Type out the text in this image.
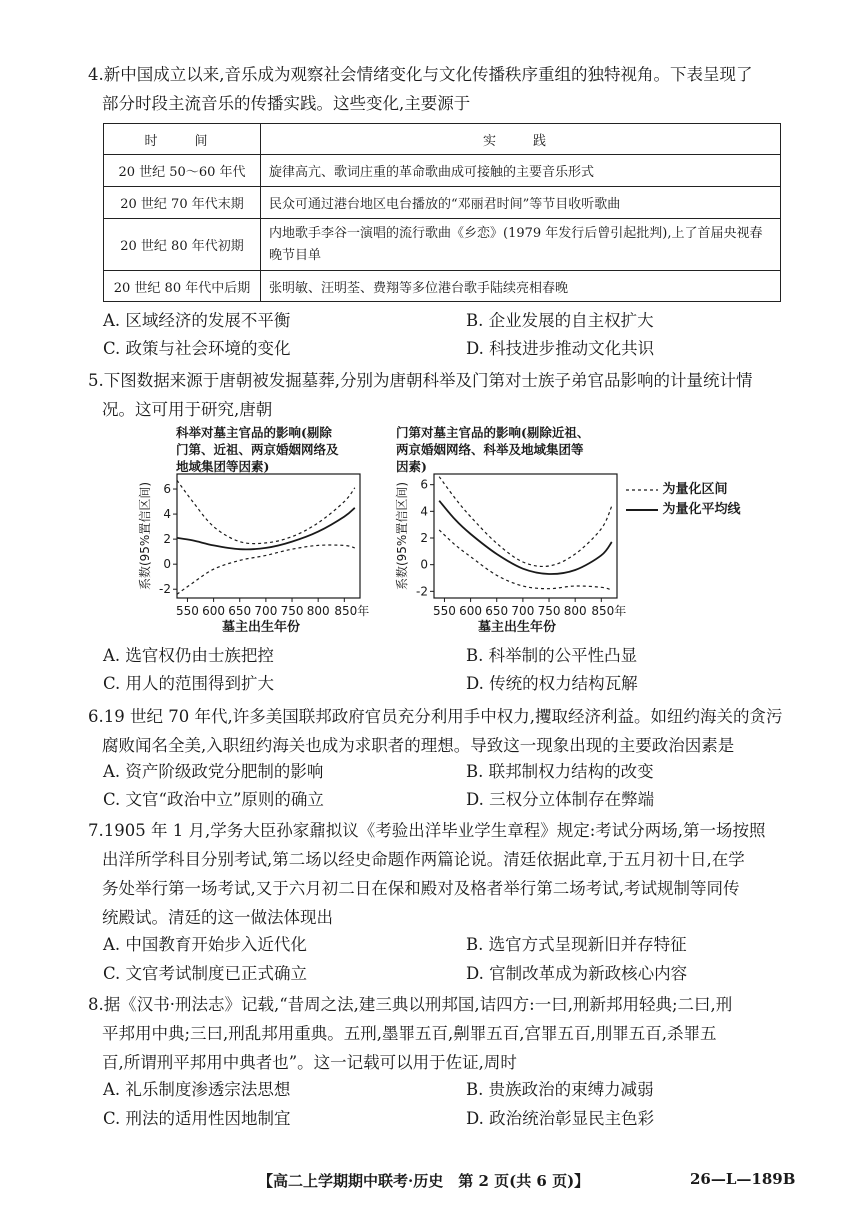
4.新中国成立以来,音乐成为观察社会情绪变化与文化传播秩序重组的独特视角。下表呈现了
部分时段主流音乐的传播实践。这些变化,主要源于
时　间	实　践
20 世纪 50～60 年代	旋律高亢、歌词庄重的革命歌曲成可接触的主要音乐形式
20 世纪 70 年代末期	民众可通过港台地区电台播放的“邓丽君时间”等节目收听歌曲
20 世纪 80 年代初期	内地歌手李谷一演唱的流行歌曲《乡恋》(1979 年发行后曾引起批判),上了首届央视春晚节目单
20 世纪 80 年代中后期	张明敏、汪明荃、费翔等多位港台歌手陆续亮相春晚
A. 区域经济的发展不平衡	B. 企业发展的自主权扩大
C. 政策与社会环境的变化	D. 科技进步推动文化共识
5.下图数据来源于唐朝被发掘墓葬,分别为唐朝科举及门第对士族子弟官品影响的计量统计情
况。这可用于研究,唐朝
科举对墓主官品的影响(剔除
门第、近祖、两京婚姻网络及
地域集团等因素)
-2
0
2
4
6
550 600 650 700 750 800 850年
系数(95%置信区间)
墓主出生年份
门第对墓主官品的影响(剔除近祖、
两京婚姻网络、科举及地域集团等
因素)
-2
0
2
4
6
550 600 650 700 750 800 850年
系数(95%置信区间)
墓主出生年份
为量化区间
为量化平均线
A. 选官权仍由士族把控	B. 科举制的公平性凸显
C. 用人的范围得到扩大	D. 传统的权力结构瓦解
6.19 世纪 70 年代,许多美国联邦政府官员充分利用手中权力,攫取经济利益。如纽约海关的贪污
腐败闻名全美,入职纽约海关也成为求职者的理想。导致这一现象出现的主要政治因素是
A. 资产阶级政党分肥制的影响	B. 联邦制权力结构的改变
C. 文官“政治中立”原则的确立	D. 三权分立体制存在弊端
7.1905 年 1 月,学务大臣孙家鼐拟议《考验出洋毕业学生章程》规定:考试分两场,第一场按照
出洋所学科目分别考试,第二场以经史命题作两篇论说。清廷依据此章,于五月初十日,在学
务处举行第一场考试,又于六月初二日在保和殿对及格者举行第二场考试,考试规制等同传
统殿试。清廷的这一做法体现出
A. 中国教育开始步入近代化	B. 选官方式呈现新旧并存特征
C. 文官考试制度已正式确立	D. 官制改革成为新政核心内容
8.据《汉书·刑法志》记载,“昔周之法,建三典以刑邦国,诘四方:一曰,刑新邦用轻典;二曰,刑
平邦用中典;三曰,刑乱邦用重典。五刑,墨罪五百,劓罪五百,宫罪五百,刖罪五百,杀罪五
百,所谓刑平邦用中典者也”。这一记载可以用于佐证,周时
A. 礼乐制度渗透宗法思想	B. 贵族政治的束缚力减弱
C. 刑法的适用性因地制宜	D. 政治统治彰显民主色彩
【高二上学期期中联考·历史　第 2 页(共 6 页)】	26—L—189B
